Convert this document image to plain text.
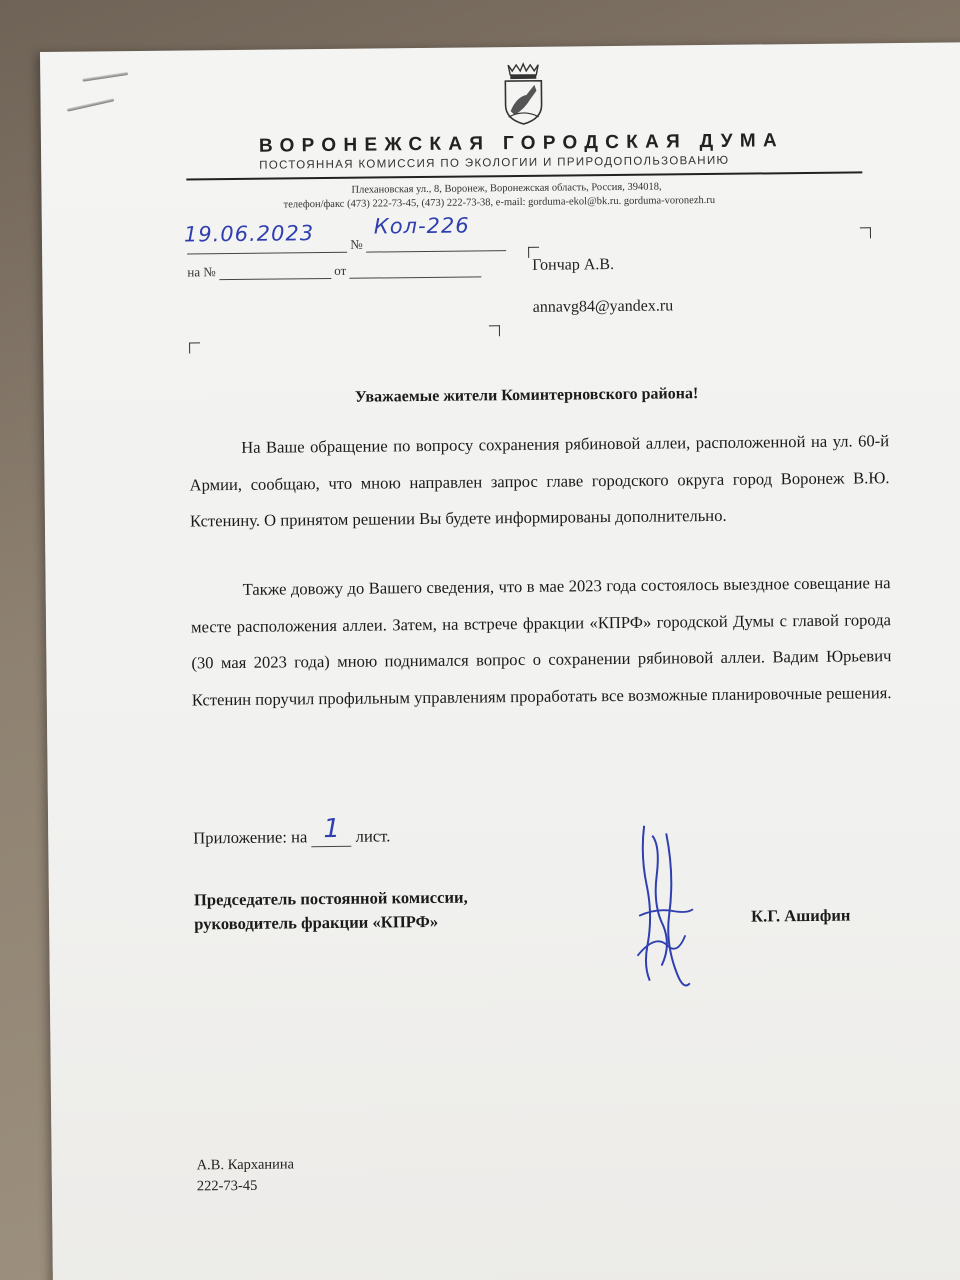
ВОРОНЕЖСКАЯ ГОРОДСКАЯ ДУМА
ПОСТОЯННАЯ КОМИССИЯ ПО ЭКОЛОГИИ И ПРИРОДОПОЛЬЗОВАНИЮ
Плехановская ул., 8, Воронеж, Воронежская область, Россия, 394018,
телефон/факс (473) 222-73-45, (473) 222-73-38, e-mail: gorduma-ekol@bk.ru. gorduma-voronezh.ru
№
19.06.2023	Кол-226
на №	от	Гончар А.В.
annavg84@yandex.ru
Уважаемые жители Коминтерновского района!
На Ваше обращение по вопросу сохранения рябиновой аллеи, расположенной на ул. 60-й Армии, сообщаю, что мною направлен запрос главе городского округа город Воронеж В.Ю. Кстенину. О принятом решении Вы будете информированы дополнительно.
Также довожу до Вашего сведения, что в мае 2023 года состоялось выездное совещание на месте расположения аллеи. Затем, на встрече фракции «КПРФ» городской Думы с главой города (30 мая 2023 года) мною поднимался вопрос о сохранении рябиновой аллеи. Вадим Юрьевич Кстенин поручил профильным управлениям проработать все возможные планировочные решения.
Приложение: на 1 лист.
Председатель постоянной комиссии,
руководитель фракции «КПРФ»	К.Г. Ашифин
А.В. Карханина
222-73-45
